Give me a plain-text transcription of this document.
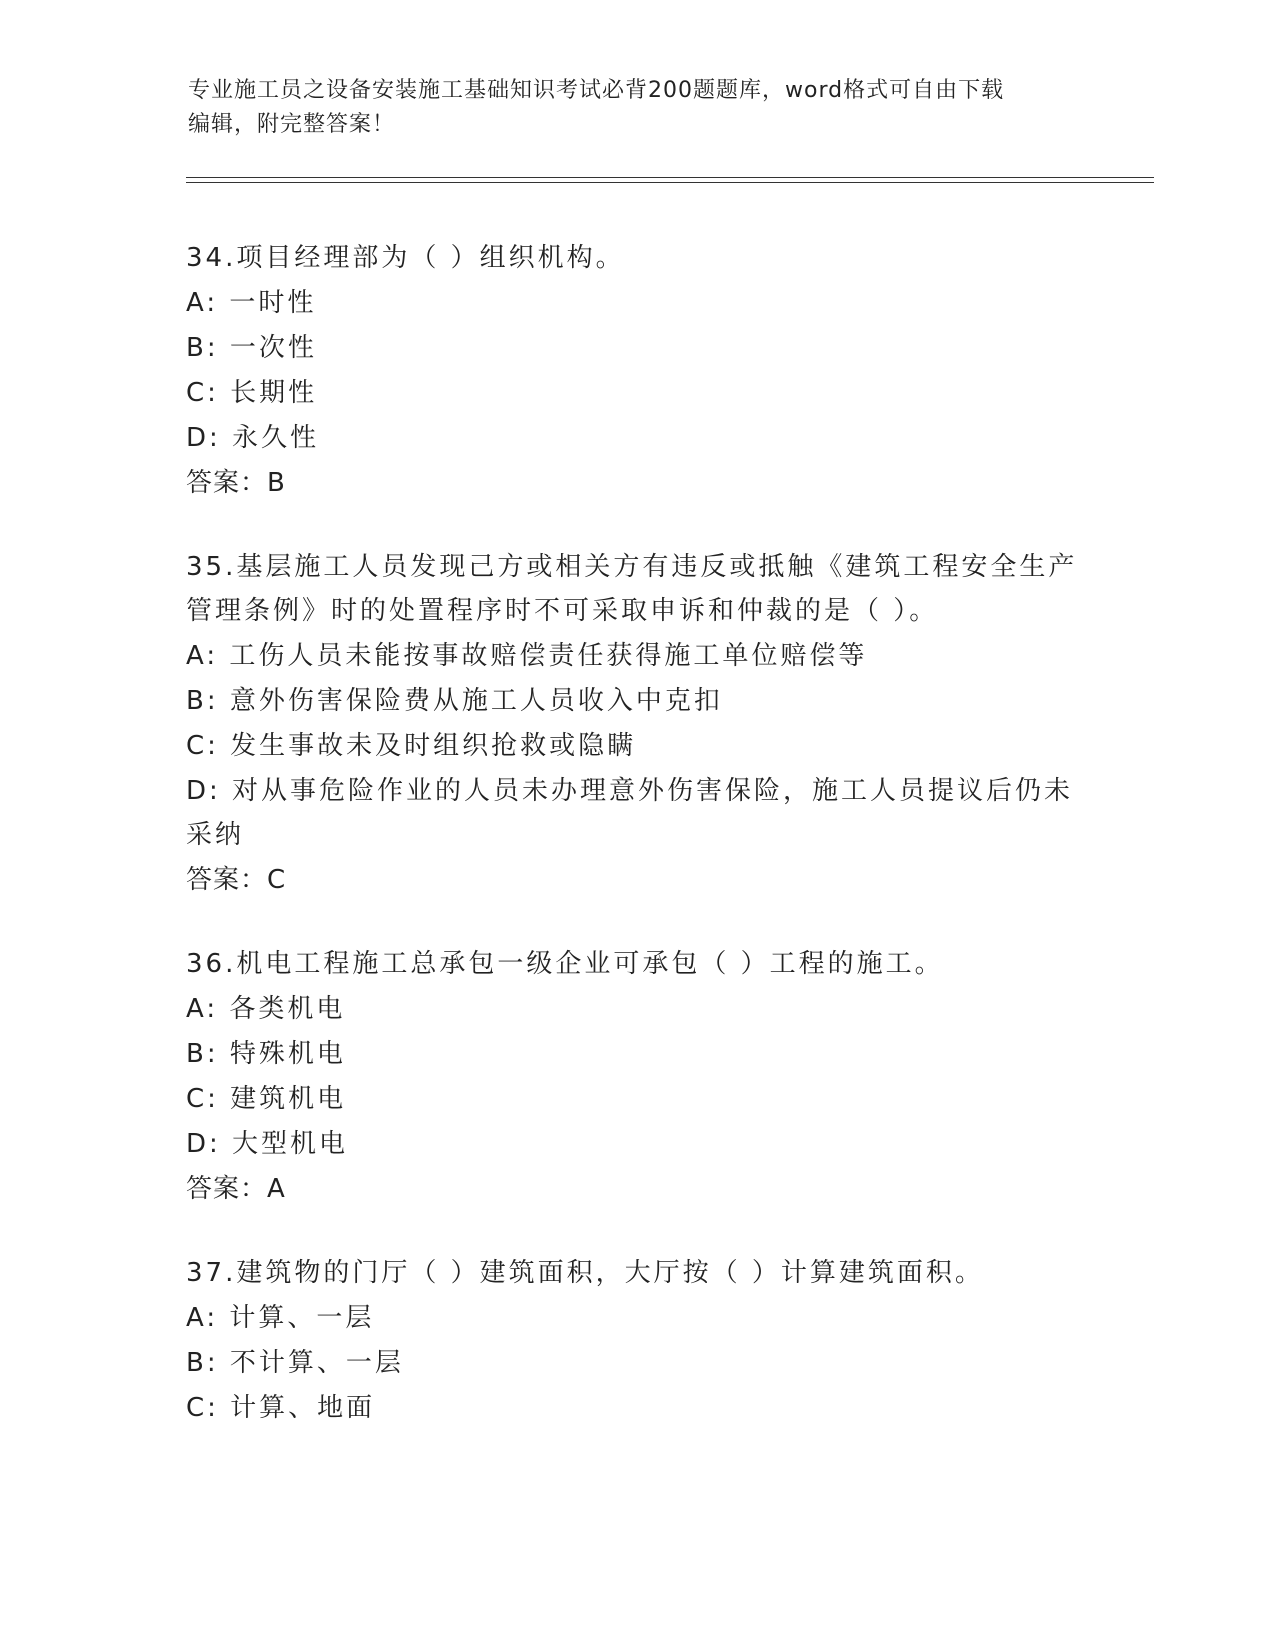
专业施工员之设备安装施工基础知识考试必背200题题库，word格式可自由下载
编辑，附完整答案！

34.项目经理部为（ ）组织机构。

A: 一时性

B: 一次性

C: 长期性

D: 永久性

答案：B

35.基层施工人员发现己方或相关方有违反或抵触《建筑工程安全生产管理条例》时的处置程序时不可采取申诉和仲裁的是（ ）。

A: 工伤人员未能按事故赔偿责任获得施工单位赔偿等

B: 意外伤害保险费从施工人员收入中克扣

C: 发生事故未及时组织抢救或隐瞒

D: 对从事危险作业的人员未办理意外伤害保险，施工人员提议后仍未采纳

答案：C

36.机电工程施工总承包一级企业可承包（ ）工程的施工。

A: 各类机电

B: 特殊机电

C: 建筑机电

D: 大型机电

答案：A

37.建筑物的门厅（ ）建筑面积，大厅按（ ）计算建筑面积。

A: 计算、一层

B: 不计算、一层

C: 计算、地面
